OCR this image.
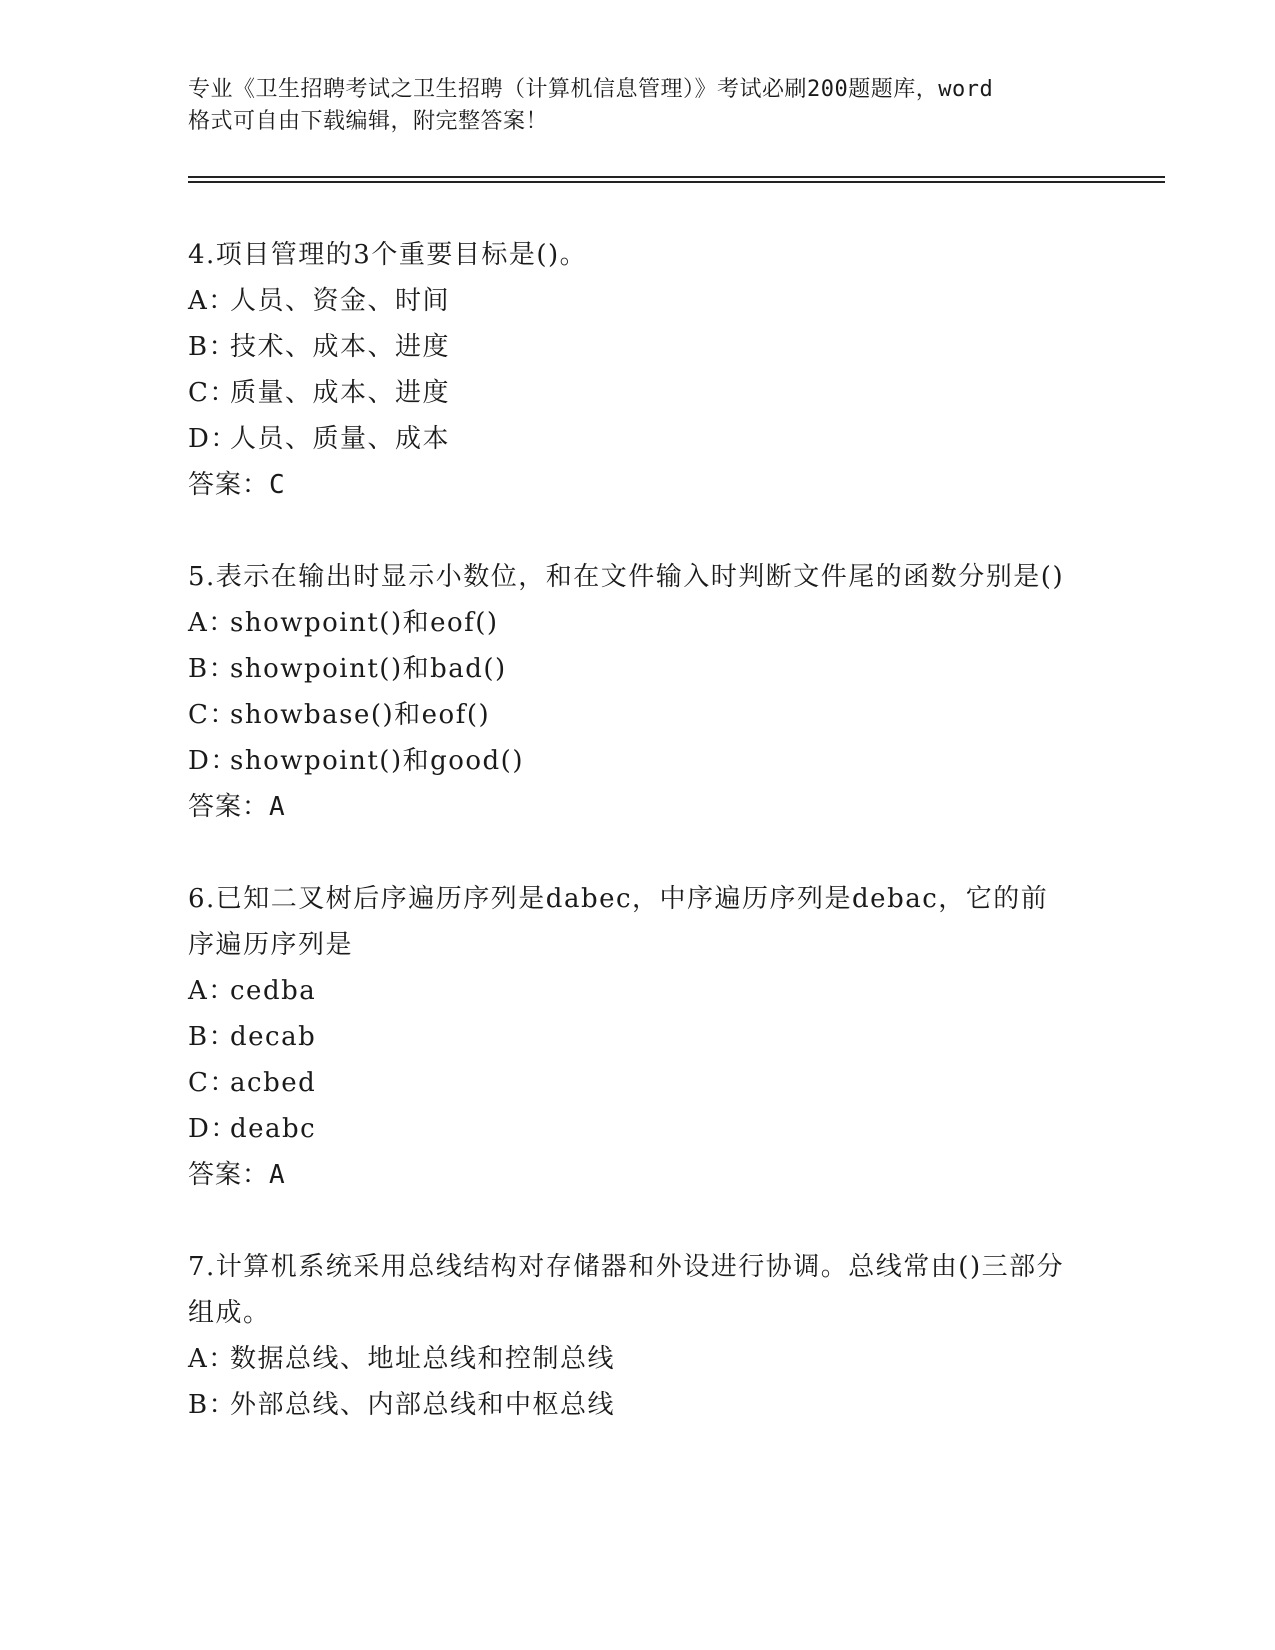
专业《卫生招聘考试之卫生招聘（计算机信息管理）》考试必刷200题题库，word
格式可自由下载编辑，附完整答案！
4.项目管理的3个重要目标是()。
A：人员、资金、时间
B：技术、成本、进度
C：质量、成本、进度
D：人员、质量、成本
答案：C
5.表示在输出时显示小数位，和在文件输入时判断文件尾的函数分别是()
A：showpoint()和eof()
B：showpoint()和bad()
C：showbase()和eof()
D：showpoint()和good()
答案：A
6.已知二叉树后序遍历序列是dabec，中序遍历序列是debac，它的前序遍历序列是
A：cedba
B：decab
C：acbed
D：deabc
答案：A
7.计算机系统采用总线结构对存储器和外设进行协调。总线常由()三部分组成。
A：数据总线、地址总线和控制总线
B：外部总线、内部总线和中枢总线
